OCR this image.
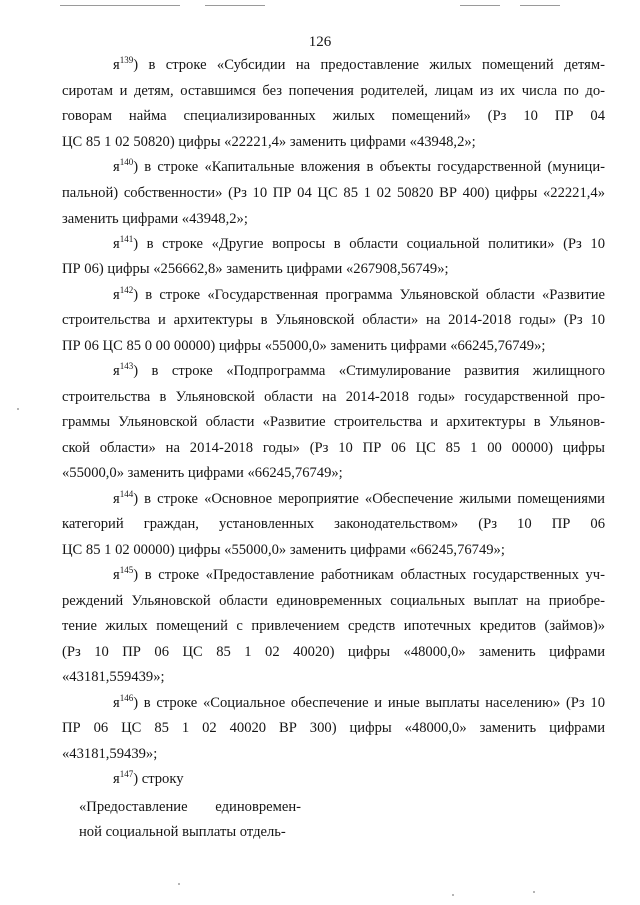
126
$я^{139}$) в строке «Субсидии на предоставление жилых помещений детям-
сиротам и детям, оставшимся без попечения родителей, лицам из их числа по до-
говорам найма специализированных жилых помещений» (Рз 10 ПР 04
ЦС 85 1 02 50820) цифры «22221,4» заменить цифрами «43948,2»;
$я^{140}$) в строке «Капитальные вложения в объекты государственной (муници-
пальной) собственности» (Рз 10 ПР 04 ЦС 85 1 02 50820 ВР 400) цифры «22221,4»
заменить цифрами «43948,2»;
$я^{141}$) в строке «Другие вопросы в области социальной политики» (Рз 10
ПР 06) цифры «256662,8» заменить цифрами «267908,56749»;
$я^{142}$) в строке «Государственная программа Ульяновской области «Развитие
строительства и архитектуры в Ульяновской области» на 2014-2018 годы» (Рз 10
ПР 06 ЦС 85 0 00 00000) цифры «55000,0» заменить цифрами «66245,76749»;
$я^{143}$) в строке «Подпрограмма «Стимулирование развития жилищного
строительства в Ульяновской области на 2014-2018 годы» государственной про-
граммы Ульяновской области «Развитие строительства и архитектуры в Ульянов-
ской области» на 2014-2018 годы» (Рз 10 ПР 06 ЦС 85 1 00 00000) цифры
«55000,0» заменить цифрами «66245,76749»;
$я^{144}$) в строке «Основное мероприятие «Обеспечение жилыми помещениями
категорий граждан, установленных законодательством» (Рз 10 ПР 06
ЦС 85 1 02 00000) цифры «55000,0» заменить цифрами «66245,76749»;
$я^{145}$) в строке «Предоставление работникам областных государственных уч-
реждений Ульяновской области единовременных социальных выплат на приобре-
тение жилых помещений с привлечением средств ипотечных кредитов (займов)»
(Рз 10 ПР 06 ЦС 85 1 02 40020) цифры «48000,0» заменить цифрами
«43181,559439»;
$я^{146}$) в строке «Социальное обеспечение и иные выплаты населению» (Рз 10
ПР 06 ЦС 85 1 02 40020 ВР 300) цифры «48000,0» заменить цифрами
«43181,59439»;
$я^{147}$) строку
«Предоставление единовремен-
ной социальной выплаты отдель-
